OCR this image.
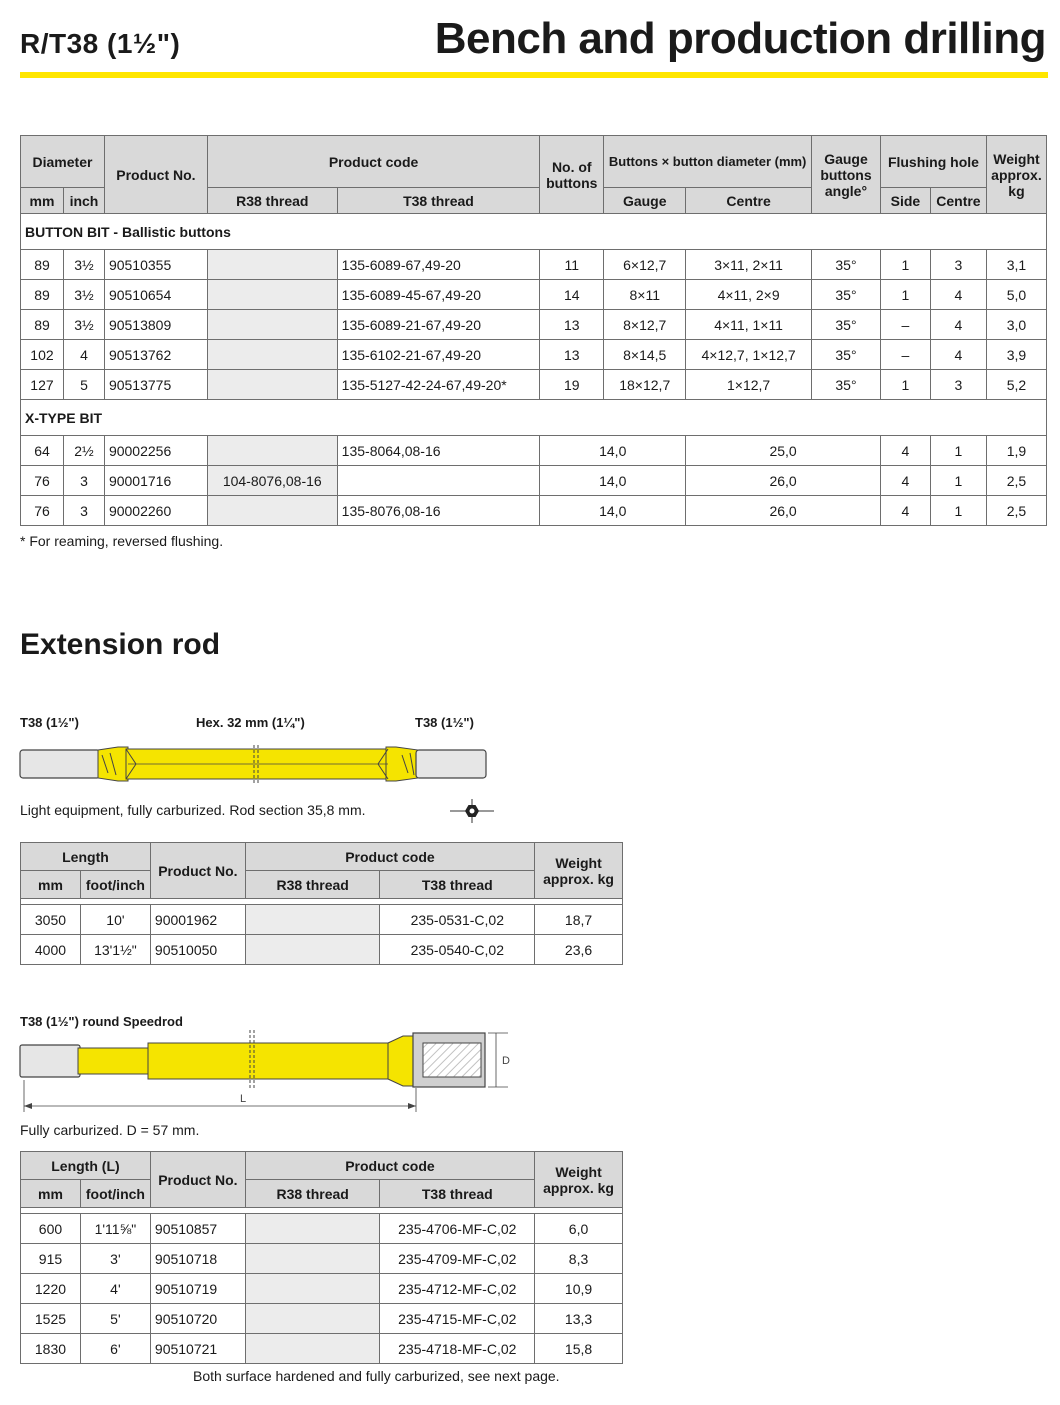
R/T38 (1½")	Bench and production drilling
Diameter		Product No.	Product code		No. of buttons	Buttons × button diameter (mm)		Gauge buttons angle°	Flushing hole		Weight approx. kg
mm	inch		R38 thread	T38 thread		Gauge	Centre		Side	Centre	
BUTTON BIT - Ballistic buttons											
89	3½	90510355		135-6089-67,49-20	11	6×12,7	3×11, 2×11	35°	1	3	3,1
89	3½	90510654		135-6089-45-67,49-20	14	8×11	4×11, 2×9	35°	1	4	5,0
89	3½	90513809		135-6089-21-67,49-20	13	8×12,7	4×11, 1×11	35°	–	4	3,0
102	4	90513762		135-6102-21-67,49-20	13	8×14,5	4×12,7, 1×12,7	35°	–	4	3,9
127	5	90513775		135-5127-42-24-67,49-20*	19	18×12,7	1×12,7	35°	1	3	5,2
X-TYPE BIT											
64	2½	90002256		135-8064,08-16	14,0		25,0		4	1	1,9
76	3	90001716	104-8076,08-16		14,0		26,0		4	1	2,5
76	3	90002260		135-8076,08-16	14,0		26,0		4	1	2,5
* For reaming, reversed flushing.
Extension rod
T38 (1½")	Hex. 32 mm (1¼")	T38 (1½")
Light equipment, fully carburized. Rod section 35,8 mm.
Length		Product No.	Product code		Weight approx. kg
mm	foot/inch		R38 thread	T38 thread	

3050	10'	90001962		235-0531-C,02	18,7
4000	13'1½"	90510050		235-0540-C,02	23,6
T38 (1½") round Speedrod
D
L
Fully carburized. D = 57 mm.
Length (L)		Product No.	Product code		Weight approx. kg
mm	foot/inch		R38 thread	T38 thread	

600	1'11⅝"	90510857		235-4706-MF-C,02	6,0
915	3'	90510718		235-4709-MF-C,02	8,3
1220	4'	90510719		235-4712-MF-C,02	10,9
1525	5'	90510720		235-4715-MF-C,02	13,3
1830	6'	90510721		235-4718-MF-C,02	15,8
Both surface hardened and fully carburized, see next page.
